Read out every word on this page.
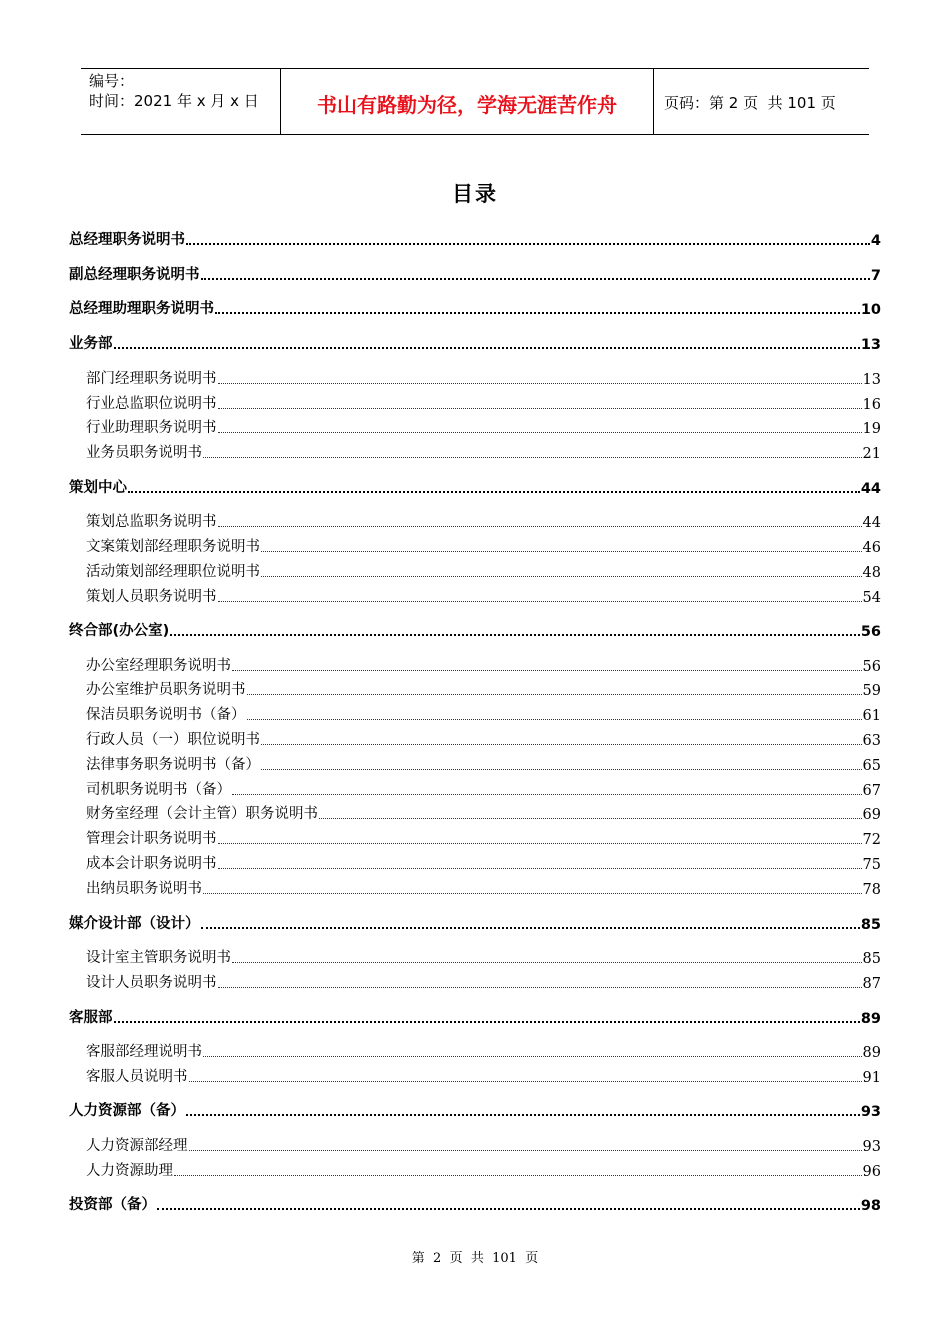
编号：
时间：2021 年 x 月 x 日	书山有路勤为径，学海无涯苦作舟	页码：第 2 页  共 101 页
目录
总经理职务说明书	4
副总经理职务说明书	7
总经理助理职务说明书	10
业务部	13
部门经理职务说明书	13
行业总监职位说明书	16
行业助理职务说明书	19
业务员职务说明书	21
策划中心	44
策划总监职务说明书	44
文案策划部经理职务说明书	46
活动策划部经理职位说明书	48
策划人员职务说明书	54
终合部(办公室)	56
办公室经理职务说明书	56
办公室维护员职务说明书	59
保洁员职务说明书（备）	61
行政人员（一）职位说明书	63
法律事务职务说明书（备）	65
司机职务说明书（备）	67
财务室经理（会计主管）职务说明书	69
管理会计职务说明书	72
成本会计职务说明书	75
出纳员职务说明书	78
媒介设计部（设计）	85
设计室主管职务说明书	85
设计人员职务说明书	87
客服部	89
客服部经理说明书	89
客服人员说明书	91
人力资源部（备）	93
人力资源部经理	93
人力资源助理	96
投资部（备）	98
第  2  页  共  101  页
